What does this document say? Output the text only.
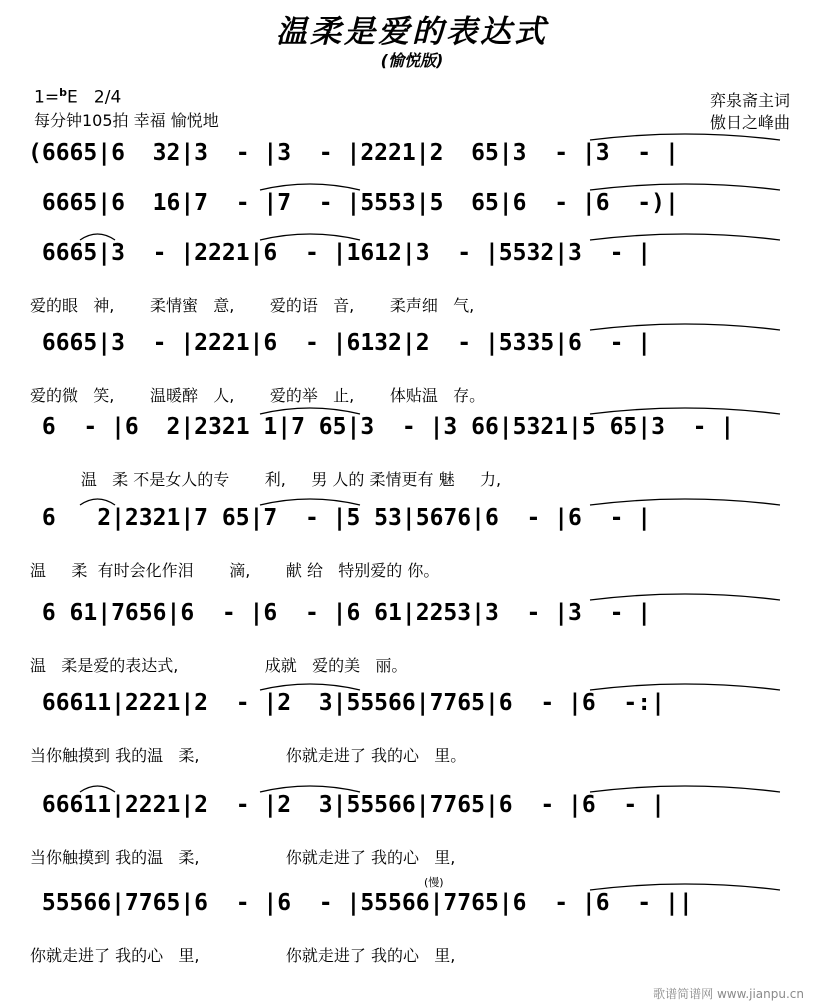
温柔是爱的表达式
(愉悦版)
1=$^b$E 2/4
每分钟105拍 幸福 愉悦地
弈泉斋主词
傲日之峰曲
(6665|6  32|3  - |3  - |2221|2  65|3  - |3  - |
6665|6  16|7  - |7  - |5553|5  65|6  - |6  -)|
6665|3  - |2221|6  - |1612|3  - |5532|3  - |
爱的眼   神,       柔情蜜   意,       爱的语   音,       柔声细   气,
6665|3  - |2221|6  - |6132|2  - |5335|6  - |
爱的微   笑,       温暖醉   人,       爱的举   止,       体贴温   存。
6  - |6  2|2321 1|7 65|3  - |3 66|5321|5 65|3  - |
温   柔 不是女人的专       利,     男 人的 柔情更有 魅     力,
6   2|2321|7 65|7  - |5 53|5676|6  - |6  - |
温     柔  有时会化作泪       滴,       献 给   特别爱的 你。
6 61|7656|6  - |6  - |6 61|2253|3  - |3  - |
温   柔是爱的表达式,                 成就   爱的美   丽。
66611|2221|2  - |2  3|55566|7765|6  - |6  -:|
当你触摸到 我的温   柔,                 你就走进了 我的心   里。
66611|2221|2  - |2  3|55566|7765|6  - |6  - |
当你触摸到 我的温   柔,                 你就走进了 我的心   里,
55566|7765|6  - |6  - |55566|7765|6  - |6  - ||
你就走进了 我的心   里,                 你就走进了 我的心   里,
(慢)
歌谱简谱网 www.jianpu.cn
